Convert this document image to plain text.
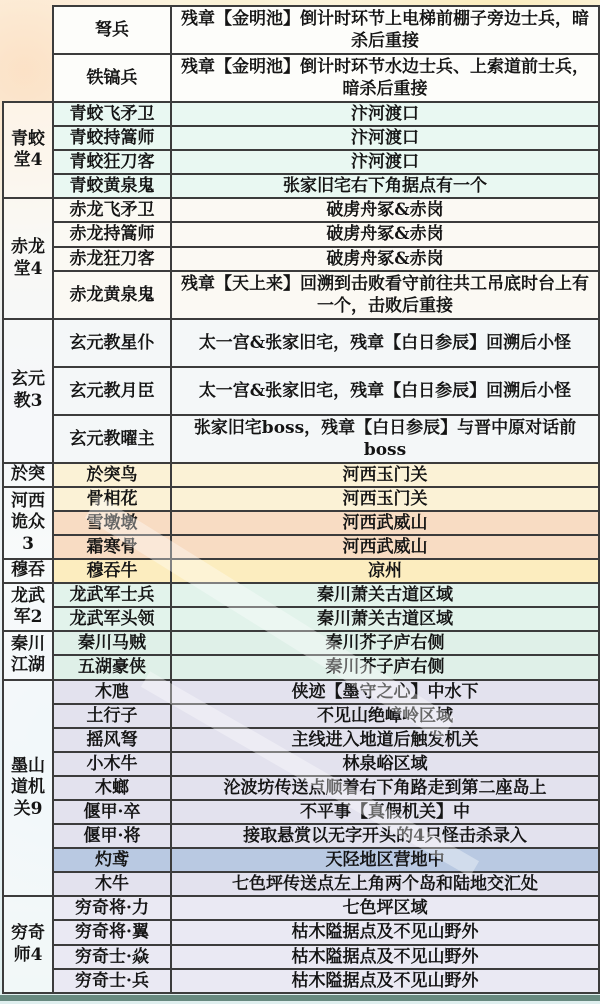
	弩兵	残章【金明池】倒计时环节上电梯前棚子旁边士兵，暗杀后重接
	铁镐兵	残章【金明池】倒计时环节水边士兵、上索道前士兵，暗杀后重接
青蛟堂4	青蛟飞矛卫	汴河渡口
	青蛟持篙师	汴河渡口
	青蛟狂刀客	汴河渡口
	青蛟黄泉鬼	张家旧宅右下角据点有一个
赤龙堂4	赤龙飞矛卫	破虏舟冢&赤岗
	赤龙持篙师	破虏舟冢&赤岗
	赤龙狂刀客	破虏舟冢&赤岗
	赤龙黄泉鬼	残章【天上来】回溯到击败看守前往共工吊底时台上有一个，击败后重接
玄元教3	玄元教星仆	太一宫&张家旧宅，残章【白日参辰】回溯后小怪
	玄元教月臣	太一宫&张家旧宅，残章【白日参辰】回溯后小怪
	玄元教曜主	张家旧宅boss，残章【白日参辰】与晋中原对话前boss
於突	於突鸟	河西玉门关
河西诡众3	骨相花	河西玉门关
	雪墩墩	河西武威山
	霜寒骨	河西武威山
穆吞	穆吞牛	凉州
龙武军2	龙武军士兵	秦川萧关古道区域
	龙武军头领	秦川萧关古道区域
秦川江湖	秦川马贼	秦川芥子庐右侧
	五湖豪侠	秦川芥子庐右侧
墨山道机关9	木虺	侠迹【墨守之心】中水下
	土行子	不见山绝嶂岭区域
	摇风弩	主线进入地道后触发机关
	小木牛	林泉峪区域
	木螂	沦波坊传送点顺着右下角路走到第二座岛上
	偃甲·卒	不平事【真假机关】中
	偃甲·将	接取悬赏以无字开头的4只怪击杀录入
	灼鸢	天陉地区营地中
	木牛	七色坪传送点左上角两个岛和陆地交汇处
穷奇师4	穷奇将·力	七色坪区域
	穷奇将·翼	枯木隘据点及不见山野外
	穷奇士·焱	枯木隘据点及不见山野外
	穷奇士·兵	枯木隘据点及不见山野外
